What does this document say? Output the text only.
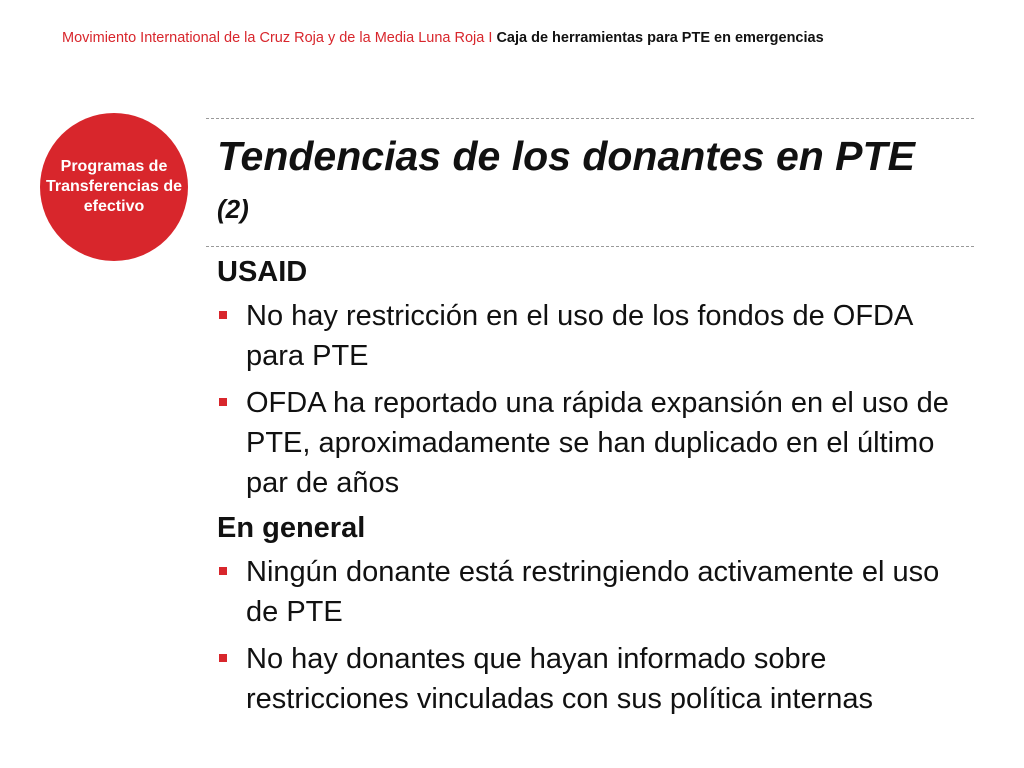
Movimiento International de la Cruz Roja y de la Media Luna Roja I Caja de herramientas para PTE en emergencias
Programas de Transferencias de efectivo
Tendencias de los donantes en PTE (2)
USAID
No hay restricción en el uso de los fondos de OFDA para PTE
OFDA ha reportado una rápida expansión en el uso de PTE, aproximadamente se han duplicado en el último par de años
En general
Ningún donante está restringiendo activamente el uso de PTE
No hay donantes que hayan informado sobre restricciones vinculadas con sus política internas
